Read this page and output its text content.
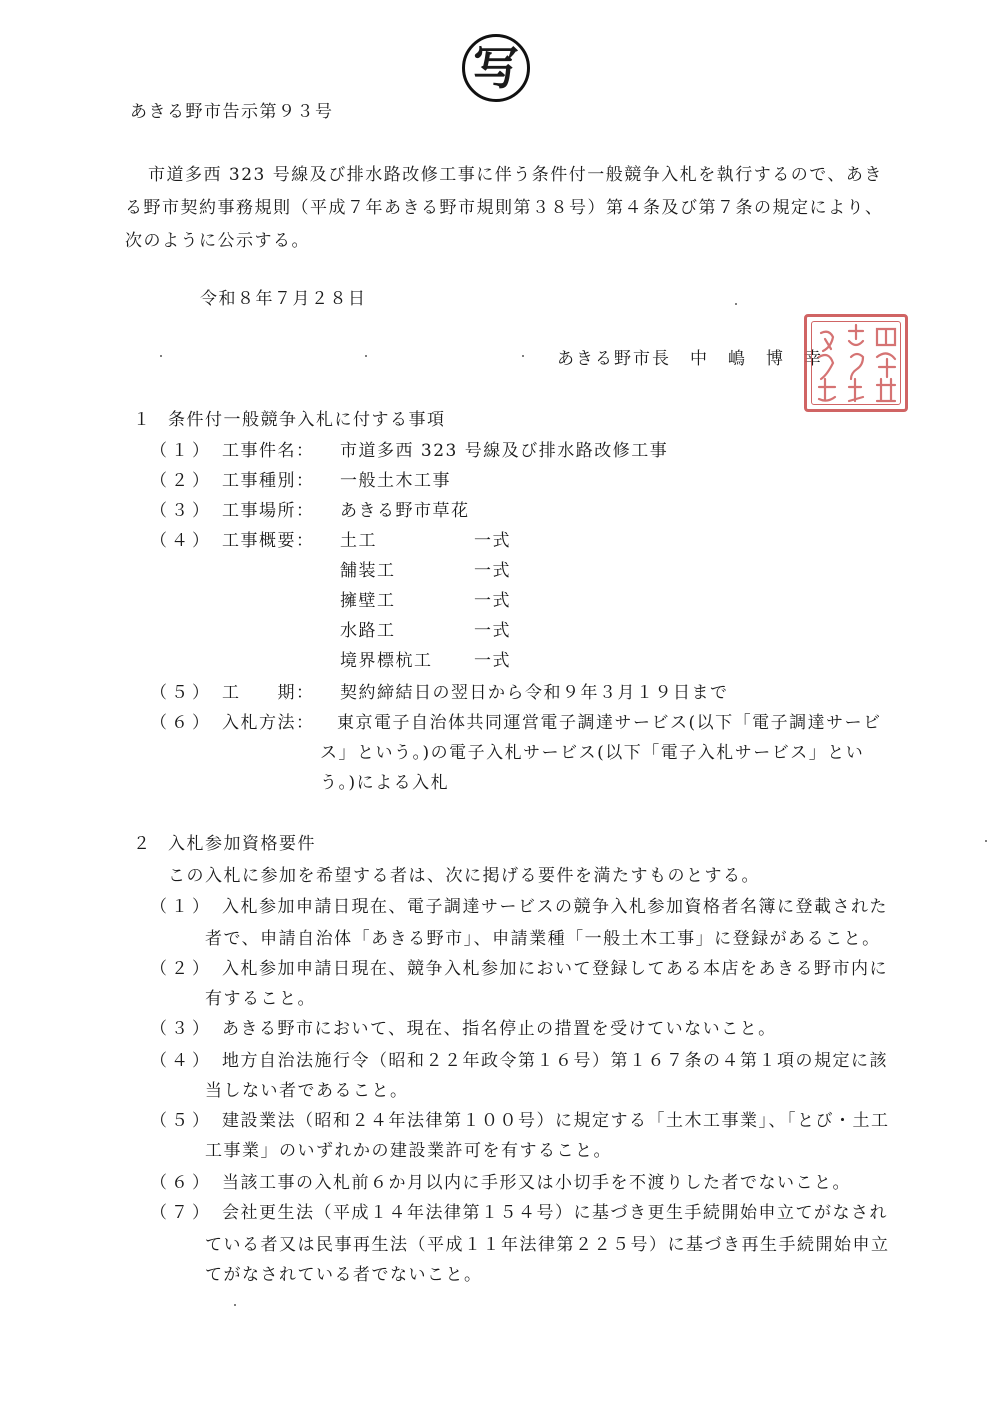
写
あきる野市告示第９３号
市道多西 323 号線及び排水路改修工事に伴う条件付一般競争入札を執行するので、あき
る野市契約事務規則（平成７年あきる野市規則第３８号）第４条及び第７条の規定により、
次のように公示する。
令和８年７月２８日
あきる野市長　中　嶋　博　幸
１ 条件付一般競争入札に付する事項
（１） 工事件名： 市道多西 323 号線及び排水路改修工事
（２） 工事種別： 一般土木工事
（３） 工事場所： あきる野市草花
（４） 工事概要： 土工	一式
舗装工	一式
擁壁工	一式
水路工	一式
境界標杭工 一式
（５） 工　　期： 契約締結日の翌日から令和９年３月１９日まで
（６） 入札方法： 東京電子自治体共同運営電子調達サービス(以下「電子調達サービ
ス」という。)の電子入札サービス(以下「電子入札サービス」とい
う。)による入札
２ 入札参加資格要件
この入札に参加を希望する者は、次に掲げる要件を満たすものとする。
（１） 入札参加申請日現在、電子調達サービスの競争入札参加資格者名簿に登載された
者で、申請自治体「あきる野市」、申請業種「一般土木工事」に登録があること。
（２） 入札参加申請日現在、競争入札参加において登録してある本店をあきる野市内に
有すること。
（３） あきる野市において、現在、指名停止の措置を受けていないこと。
（４） 地方自治法施行令（昭和２２年政令第１６号）第１６７条の４第１項の規定に該
当しない者であること。
（５） 建設業法（昭和２４年法律第１００号）に規定する「土木工事業」、「とび・土工
工事業」のいずれかの建設業許可を有すること。
（６） 当該工事の入札前６か月以内に手形又は小切手を不渡りした者でないこと。
（７） 会社更生法（平成１４年法律第１５４号）に基づき更生手続開始申立てがなされ
ている者又は民事再生法（平成１１年法律第２２５号）に基づき再生手続開始申立
てがなされている者でないこと。
